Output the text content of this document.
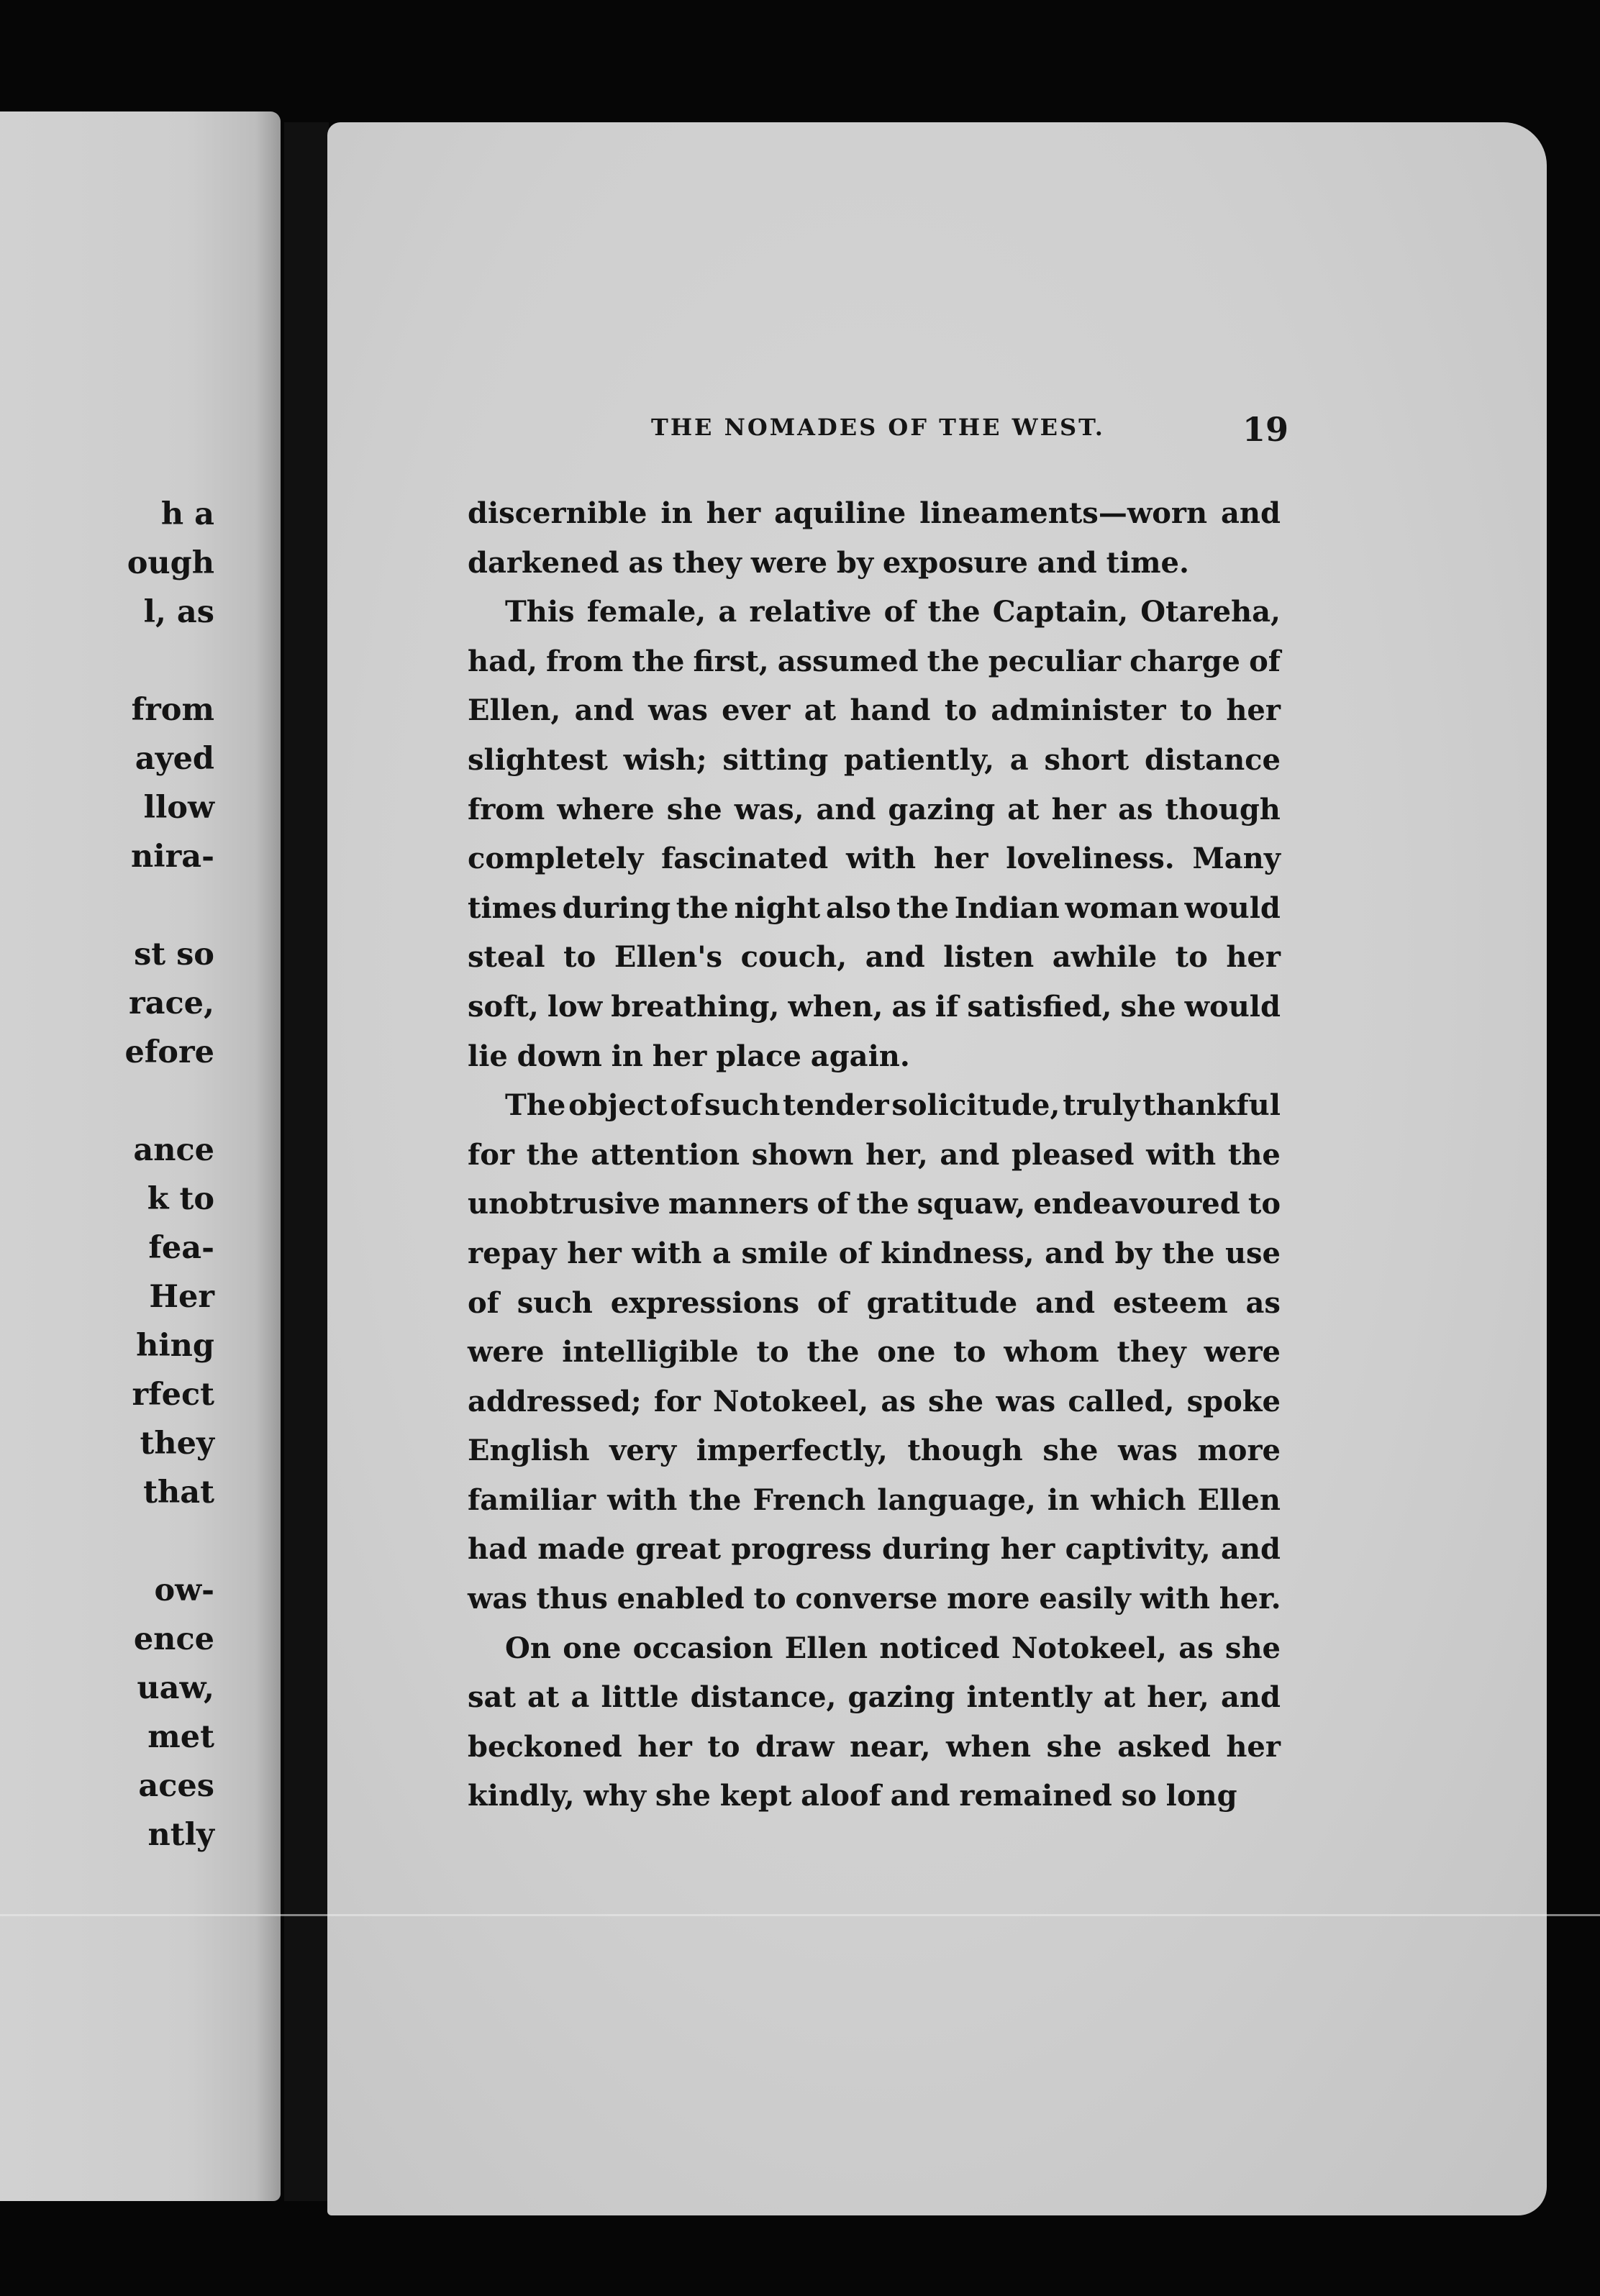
h a
ough
l, as
from
ayed
llow
nira-
st so
race,
efore
ance
k to
fea-
Her
hing
rfect
they
that
ow-
ence
uaw,
met
aces
ntly
THE NOMADES OF THE WEST.	19
discernible in her aquiline lineaments—worn and
darkened as they were by exposure and time.
This female, a relative of the Captain, Otareha,
had, from the first, assumed the peculiar charge of
Ellen, and was ever at hand to administer to her
slightest wish; sitting patiently, a short distance
from where she was, and gazing at her as though
completely fascinated with her loveliness. Many
times during the night also the Indian woman would
steal to Ellen's couch, and listen awhile to her
soft, low breathing, when, as if satisfied, she would
lie down in her place again.
The object of such tender solicitude, truly thankful
for the attention shown her, and pleased with the
unobtrusive manners of the squaw, endeavoured to
repay her with a smile of kindness, and by the use
of such expressions of gratitude and esteem as
were intelligible to the one to whom they were
addressed; for Notokeel, as she was called, spoke
English very imperfectly, though she was more
familiar with the French language, in which Ellen
had made great progress during her captivity, and
was thus enabled to converse more easily with her.
On one occasion Ellen noticed Notokeel, as she
sat at a little distance, gazing intently at her, and
beckoned her to draw near, when she asked her
kindly, why she kept aloof and remained so long
